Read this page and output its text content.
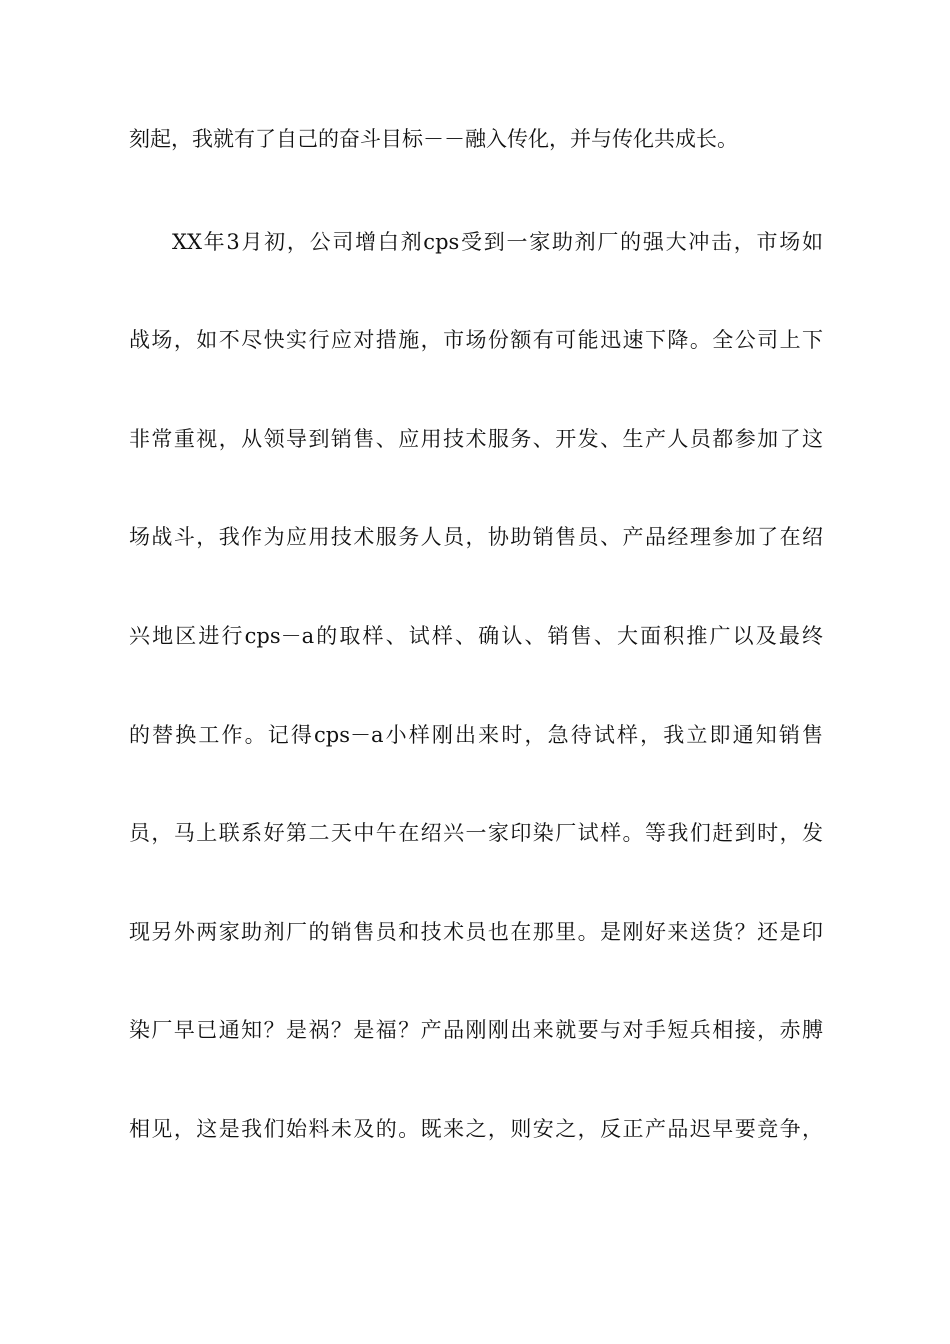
刻起，我就有了自己的奋斗目标－－融入传化，并与传化共成长。
XX年3月初，公司增白剂cps受到一家助剂厂的强大冲击，市场如
战场，如不尽快实行应对措施，市场份额有可能迅速下降。全公司上下
非常重视，从领导到销售、应用技术服务、开发、生产人员都参加了这
场战斗，我作为应用技术服务人员，协助销售员、产品经理参加了在绍
兴地区进行cps－a的取样、试样、确认、销售、大面积推广以及最终
的替换工作。记得cps－a小样刚出来时，急待试样，我立即通知销售
员，马上联系好第二天中午在绍兴一家印染厂试样。等我们赶到时，发
现另外两家助剂厂的销售员和技术员也在那里。是刚好来送货？还是印
染厂早已通知？是祸？是福？产品刚刚出来就要与对手短兵相接，赤膊
相见，这是我们始料未及的。既来之，则安之，反正产品迟早要竞争，
